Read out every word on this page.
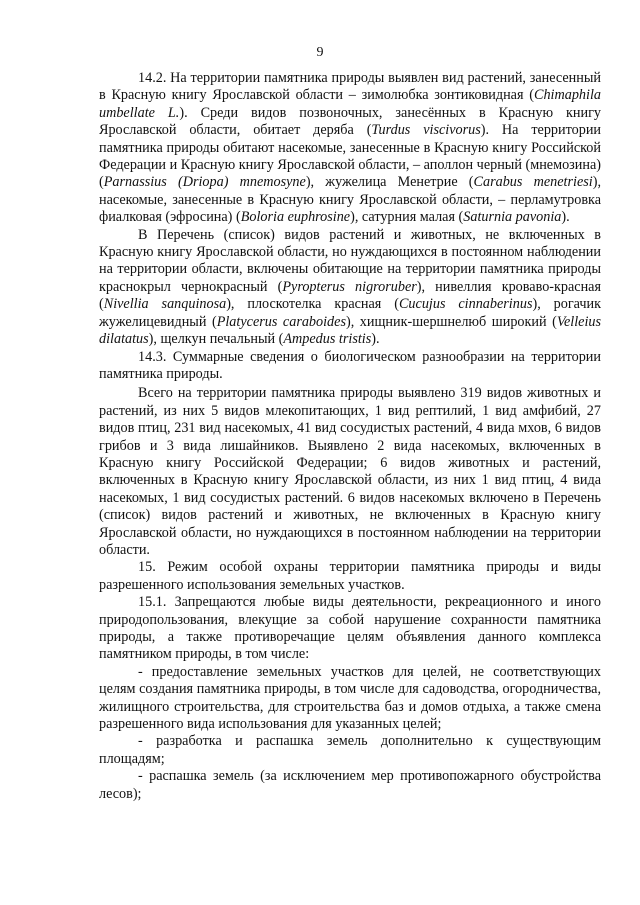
9

14.2. На территории памятника природы выявлен вид растений, занесенный в Красную книгу Ярославской области – зимолюбка зонтиковидная (Chimaphila umbellate L.). Среди видов позвоночных, занесённых в Красную книгу Ярославской области, обитает деряба (Turdus viscivorus). На территории памятника природы обитают насекомые, занесенные в Красную книгу Российской Федерации и Красную книгу Ярославской области, – аполлон черный (мнемозина) (Parnassius (Driopa) mnemosyne), жужелица Менетрие (Carabus menetriesi), насекомые, занесенные в Красную книгу Ярославской области, – перламутровка фиалковая (эфросина) (Boloria euphrosine), сатурния малая (Saturnia pavonia).

В Перечень (список) видов растений и животных, не включенных в Красную книгу Ярославской области, но нуждающихся в постоянном наблюдении на территории области, включены обитающие на территории памятника природы краснокрыл чернокрасный (Pyropterus nigroruber), нивеллия кроваво-красная (Nivellia sanquinosa), плоскотелка красная (Cucujus cinnaberinus), рогачик жужелицевидный (Platycerus caraboides), хищник-шершнелюб широкий (Velleius dilatatus), щелкун печальный (Ampedus tristis).

14.3. Суммарные сведения о биологическом разнообразии на территории памятника природы.

Всего на территории памятника природы выявлено 319 видов животных и растений, из них 5 видов млекопитающих, 1 вид рептилий, 1 вид амфибий, 27 видов птиц, 231 вид насекомых, 41 вид сосудистых растений, 4 вида мхов, 6 видов грибов и 3 вида лишайников. Выявлено 2 вида насекомых, включенных в Красную книгу Российской Федерации; 6 видов животных и растений, включенных в Красную книгу Ярославской области, из них 1 вид птиц, 4 вида насекомых, 1 вид сосудистых растений. 6 видов насекомых включено в Перечень (список) видов растений и животных, не включенных в Красную книгу Ярославской области, но нуждающихся в постоянном наблюдении на территории области.

15. Режим особой охраны территории памятника природы и виды разрешенного использования земельных участков.

15.1. Запрещаются любые виды деятельности, рекреационного и иного природопользования, влекущие за собой нарушение сохранности памятника природы, а также противоречащие целям объявления данного комплекса памятником природы, в том числе:

- предоставление земельных участков для целей, не соответствующих целям создания памятника природы, в том числе для садоводства, огородничества, жилищного строительства, для строительства баз и домов отдыха, а также смена разрешенного вида использования для указанных целей;

- разработка и распашка земель дополнительно к существующим площадям;

- распашка земель (за исключением мер противопожарного обустройства лесов);
